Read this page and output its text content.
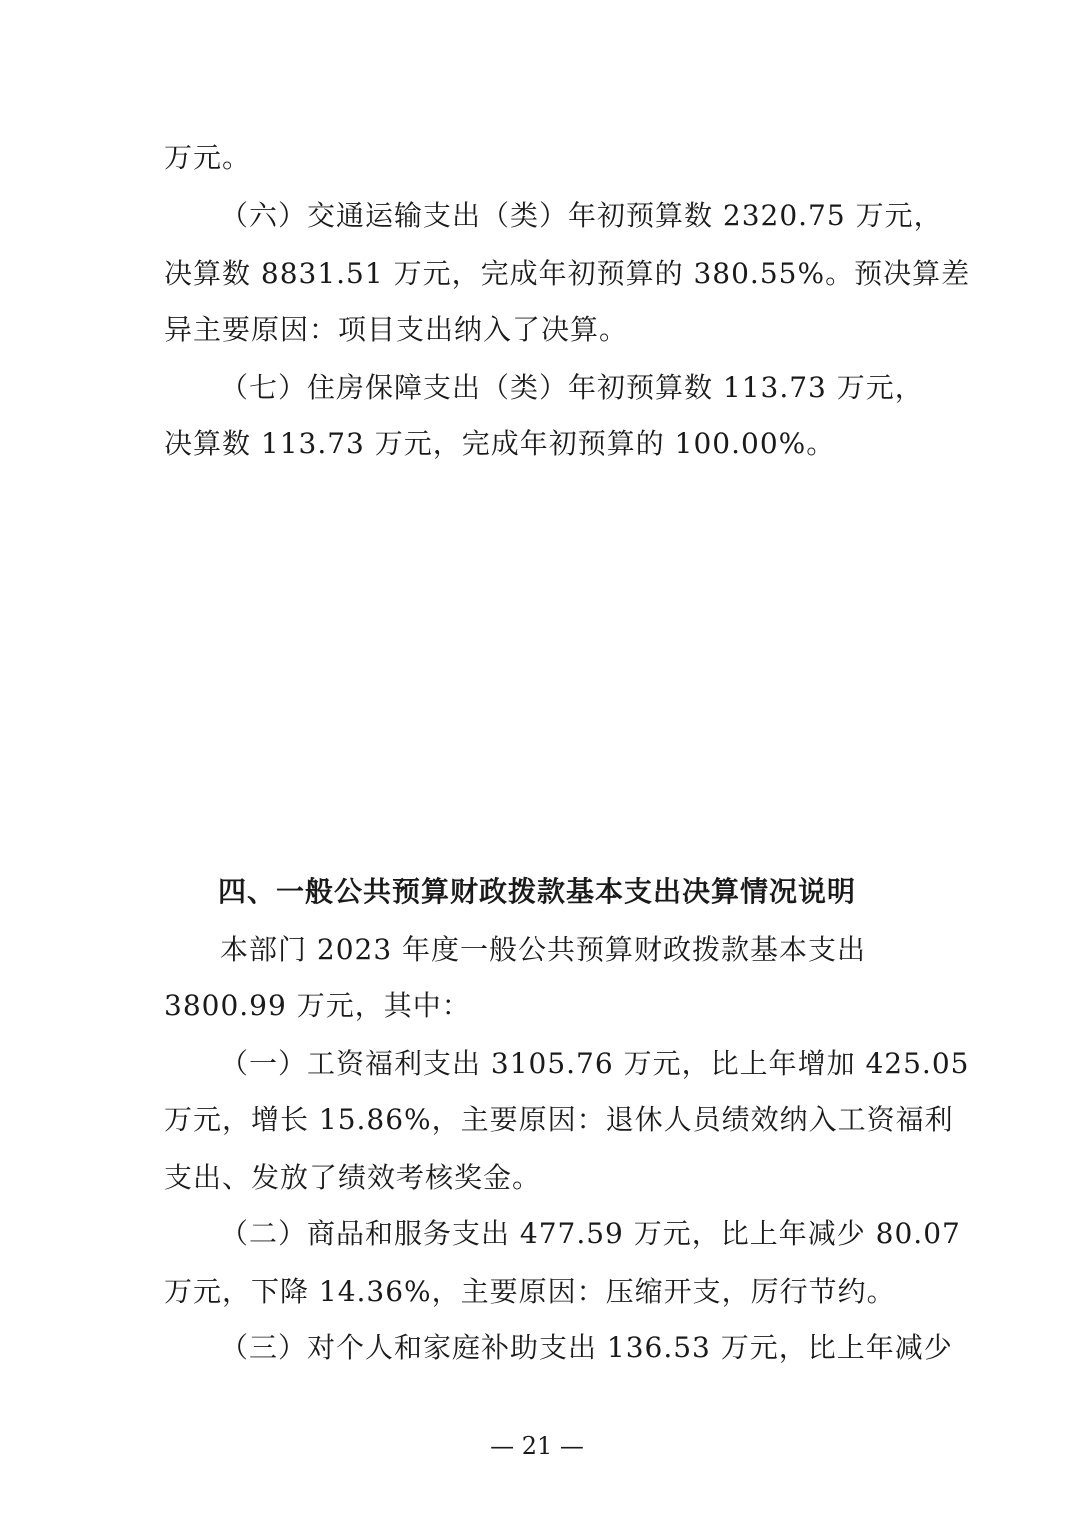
万元。
（六）交通运输支出（类）年初预算数 2320.75 万元，
决算数 8831.51 万元，完成年初预算的 380.55%。预决算差
异主要原因：项目支出纳入了决算。
（七）住房保障支出（类）年初预算数 113.73 万元，
决算数 113.73 万元，完成年初预算的 100.00%。
四、一般公共预算财政拨款基本支出决算情况说明
本部门 2023 年度一般公共预算财政拨款基本支出
3800.99 万元，其中：
（一）工资福利支出 3105.76 万元，比上年增加 425.05
万元，增长 15.86%，主要原因：退休人员绩效纳入工资福利
支出、发放了绩效考核奖金。
（二）商品和服务支出 477.59 万元，比上年减少 80.07
万元，下降 14.36%，主要原因：压缩开支，厉行节约。
（三）对个人和家庭补助支出 136.53 万元，比上年减少
— 21 —
